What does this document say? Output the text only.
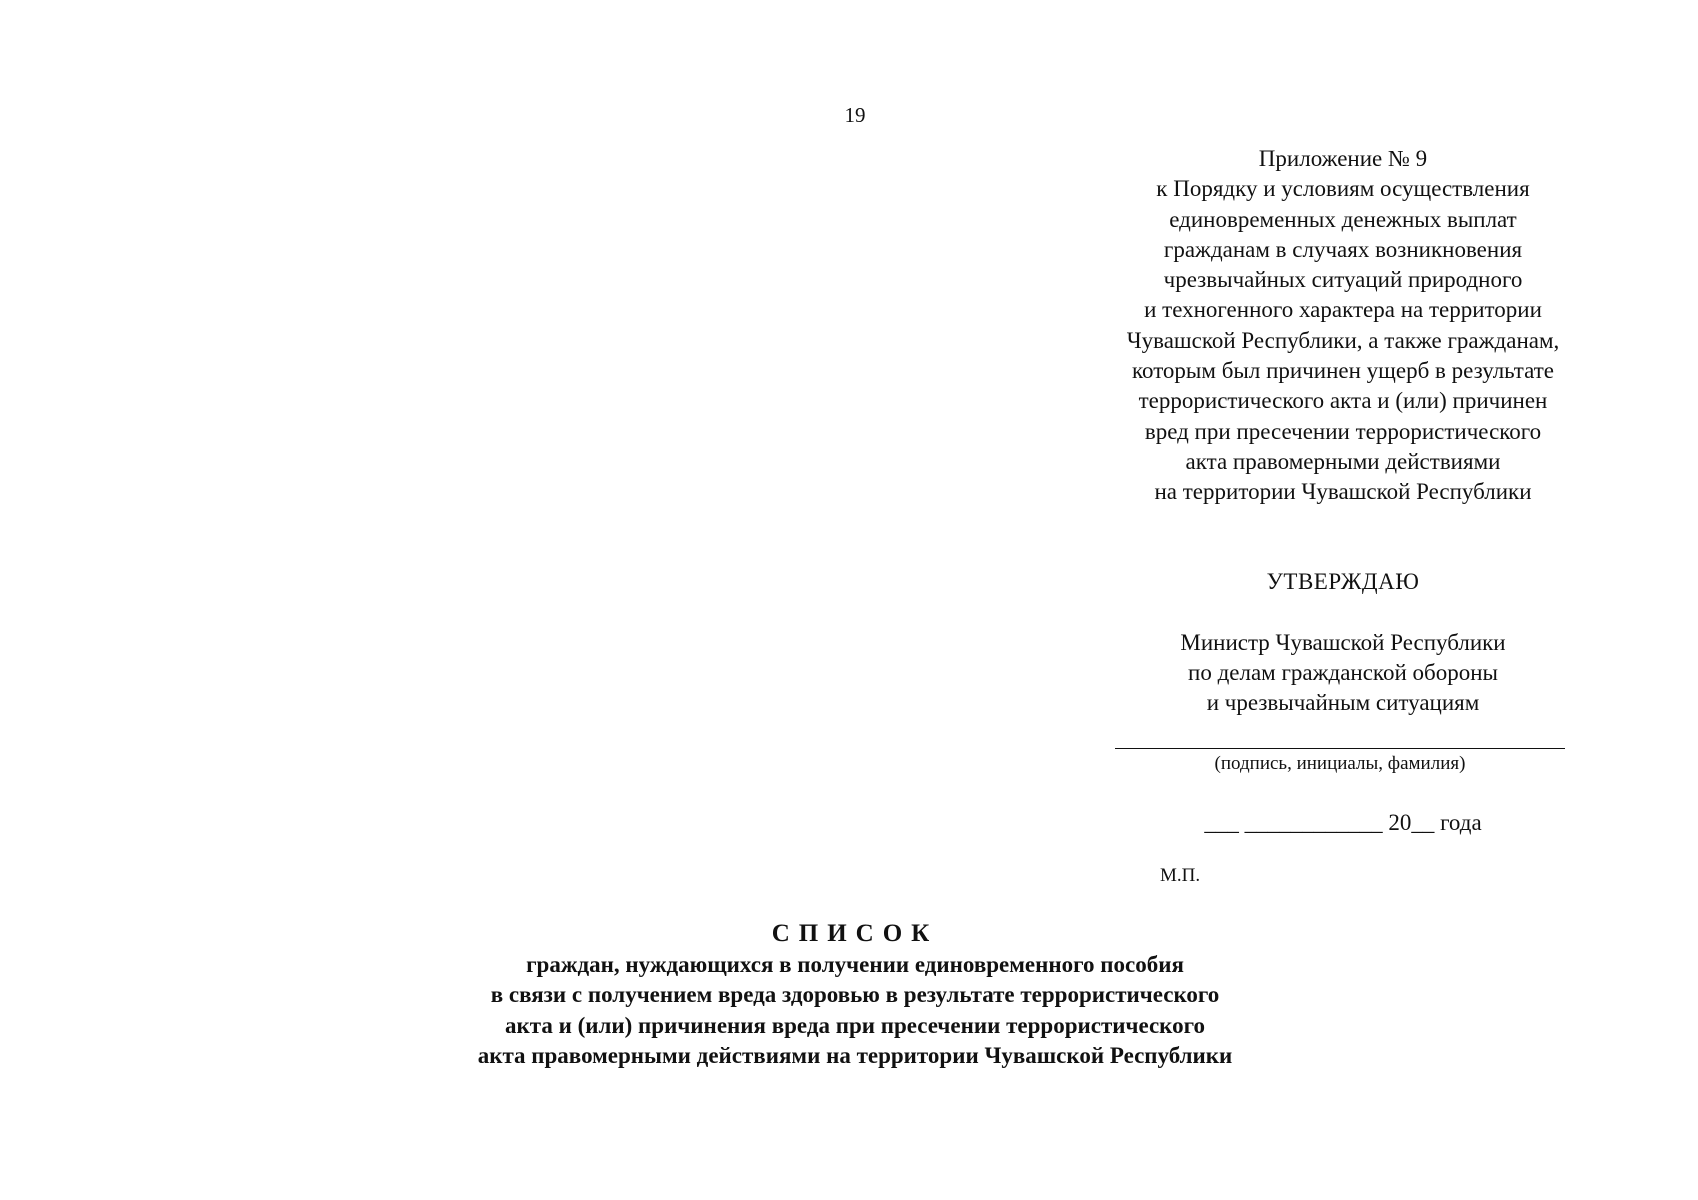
19
Приложение № 9
к Порядку и условиям осуществления
единовременных денежных выплат
гражданам в случаях возникновения
чрезвычайных ситуаций природного
и техногенного характера на территории
Чувашской Республики, а также гражданам,
которым был причинен ущерб в результате
террористического акта и (или) причинен
вред при пресечении террористического
акта правомерными действиями
на территории Чувашской Республики
УТВЕРЖДАЮ
Министр Чувашской Республики
по делам гражданской обороны
и чрезвычайным ситуациям
(подпись, инициалы, фамилия)
___ ____________ 20__ года
М.П.
СПИСОК
граждан, нуждающихся в получении единовременного пособия
в связи с получением вреда здоровью в результате террористического
акта и (или) причинения вреда при пресечении террористического
акта правомерными действиями на территории Чувашской Республики
